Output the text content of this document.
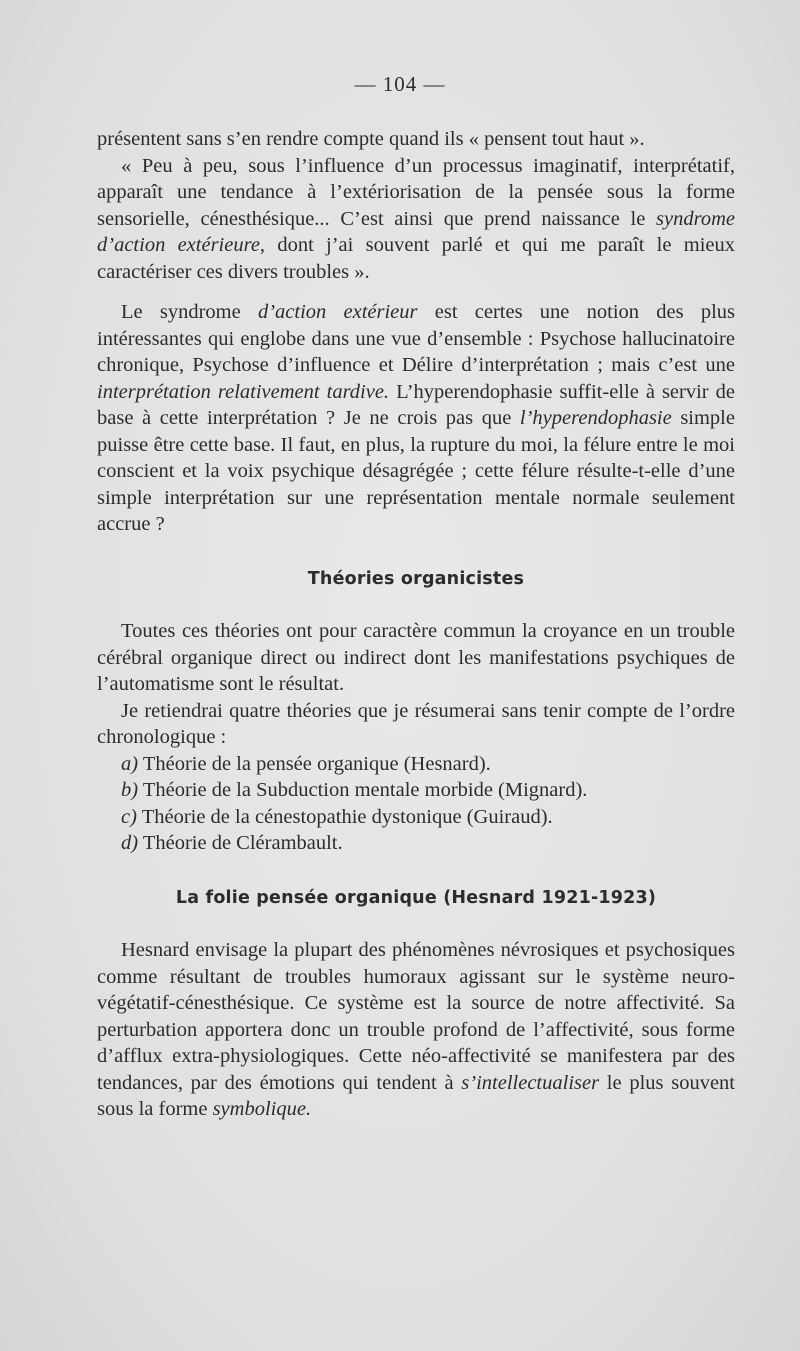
— 104 —

présentent sans s’en rendre compte quand ils « pensent tout haut ».

« Peu à peu, sous l’influence d’un processus imaginatif, interprétatif, apparaît une tendance à l’extériorisation de la pensée sous la forme sensorielle, cénesthésique... C’est ainsi que prend naissance le syndrome d’action extérieure, dont j’ai souvent parlé et qui me paraît le mieux caractériser ces divers troubles ».

Le syndrome d’action extérieur est certes une notion des plus intéressantes qui englobe dans une vue d’ensemble : Psychose hallucinatoire chronique, Psychose d’influence et Délire d’interprétation ; mais c’est une interprétation relativement tardive. L’hyperendophasie suffit-elle à servir de base à cette interprétation ? Je ne crois pas que l’hyperendophasie simple puisse être cette base. Il faut, en plus, la rupture du moi, la félure entre le moi conscient et la voix psychique désagrégée ; cette félure résulte-t-elle d’une simple interprétation sur une représentation mentale normale seulement accrue ?

Théories organicistes

Toutes ces théories ont pour caractère commun la croyance en un trouble cérébral organique direct ou indirect dont les manifestations psychiques de l’automatisme sont le résultat.

Je retiendrai quatre théories que je résumerai sans tenir compte de l’ordre chronologique :

a) Théorie de la pensée organique (Hesnard).

b) Théorie de la Subduction mentale morbide (Mignard).

c) Théorie de la cénestopathie dystonique (Guiraud).

d) Théorie de Clérambault.

La folie pensée organique (Hesnard 1921-1923)

Hesnard envisage la plupart des phénomènes névrosiques et psychosiques comme résultant de troubles humoraux agissant sur le système neuro-végétatif-cénesthésique. Ce système est la source de notre affectivité. Sa perturbation apportera donc un trouble profond de l’affectivité, sous forme d’afflux extra-physiologiques. Cette néo-affectivité se manifestera par des tendances, par des émotions qui tendent à s’intellectualiser le plus souvent sous la forme symbolique.
